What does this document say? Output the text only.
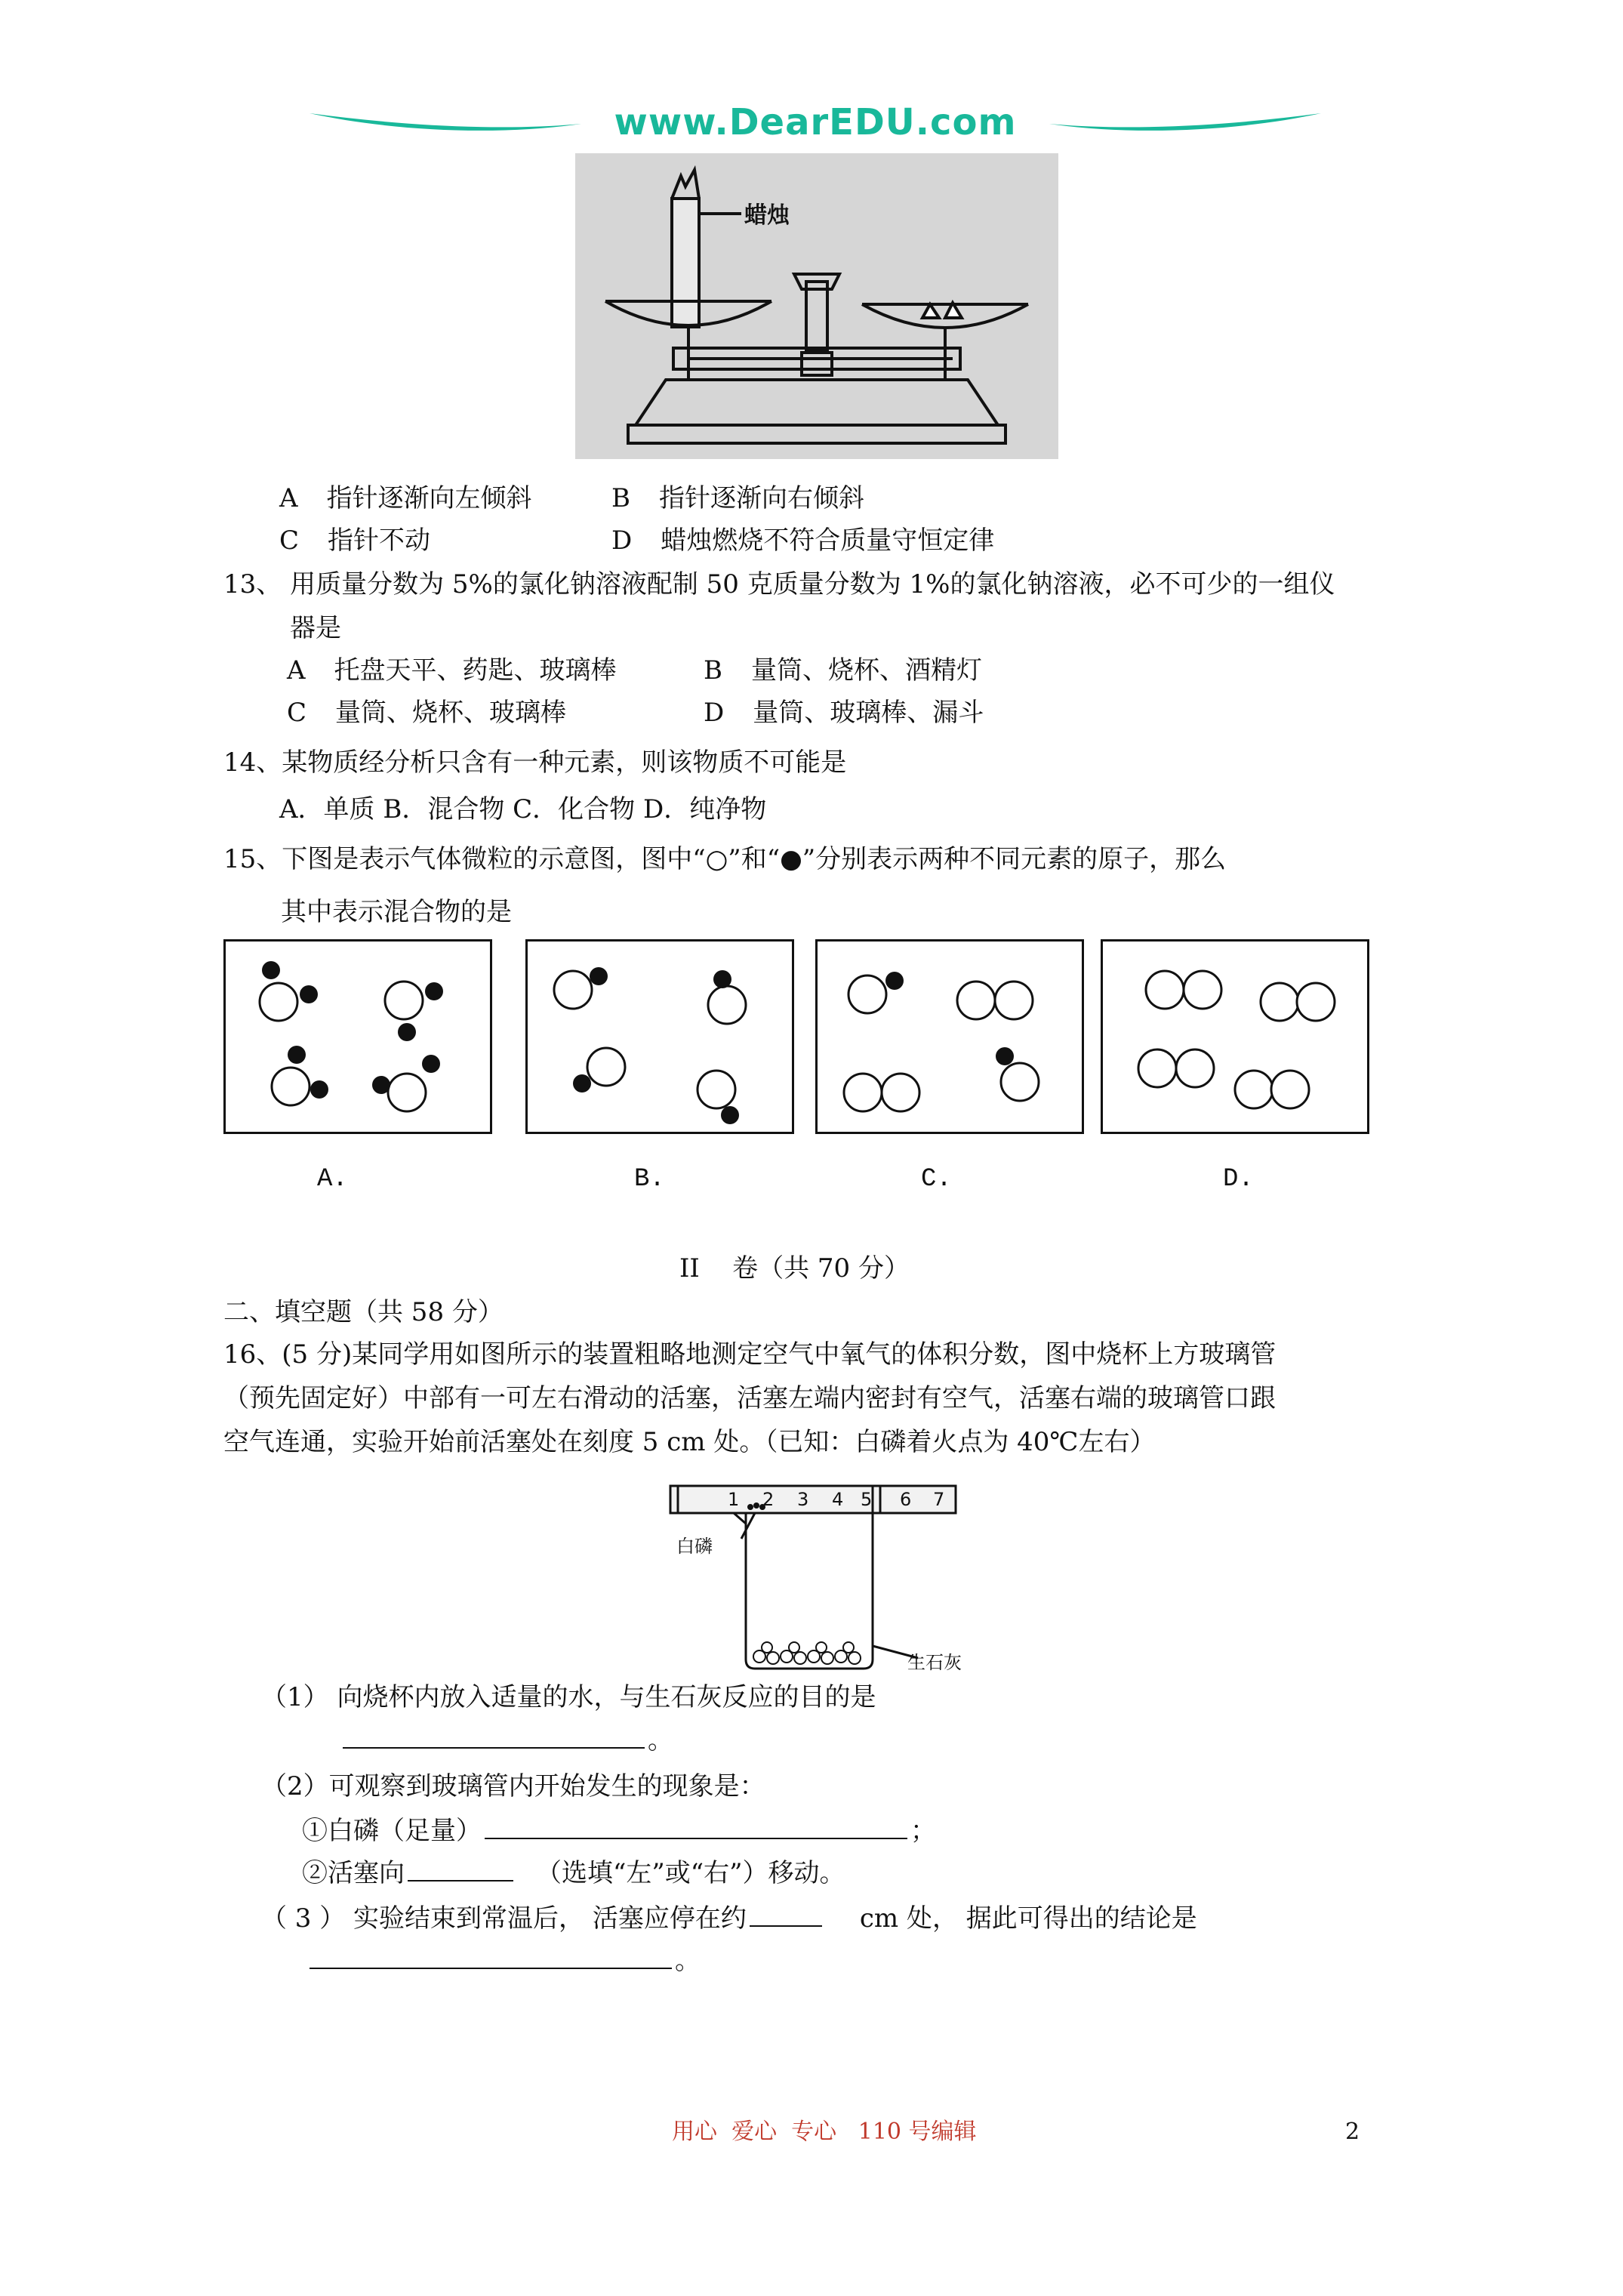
www.DearEDU.com
蜡烛
A 指针逐渐向左倾斜	B 指针逐渐向右倾斜
C 指针不动	D 蜡烛燃烧不符合质量守恒定律
13、 用质量分数为 5%的氯化钠溶液配制 50 克质量分数为 1%的氯化钠溶液，必不可少的一组仪
器是
A 托盘天平、药匙、玻璃棒	B 量筒、烧杯、酒精灯
C 量筒、烧杯、玻璃棒	D 量筒、玻璃棒、漏斗
14、某物质经分析只含有一种元素，则该物质不可能是
A．单质 B．混合物 C．化合物 D．纯净物
15、下图是表示气体微粒的示意图，图中“○”和“●”分别表示两种不同元素的原子，那么
其中表示混合物的是
A.	B.	C.	D.
II    卷（共 70 分）
二、填空题（共 58 分）
16、(5 分)某同学用如图所示的装置粗略地测定空气中氧气的体积分数，图中烧杯上方玻璃管
（预先固定好）中部有一可左右滑动的活塞，活塞左端内密封有空气，活塞右端的玻璃管口跟
空气连通，实验开始前活塞处在刻度 5 cm 处。（已知：白磷着火点为 40℃左右）
1 2 3 4 5 6 7
白磷
生石灰
（1） 向烧杯内放入适量的水，与生石灰反应的目的是
。
（2）可观察到玻璃管内开始发生的现象是：
①白磷（足量）	；
②活塞向	（选填“左”或“右”）移动。
（ 3 ） 实验结束到常温后， 活塞应停在约	cm 处， 据此可得出的结论是
。
用心  爱心  专心   110 号编辑	2
